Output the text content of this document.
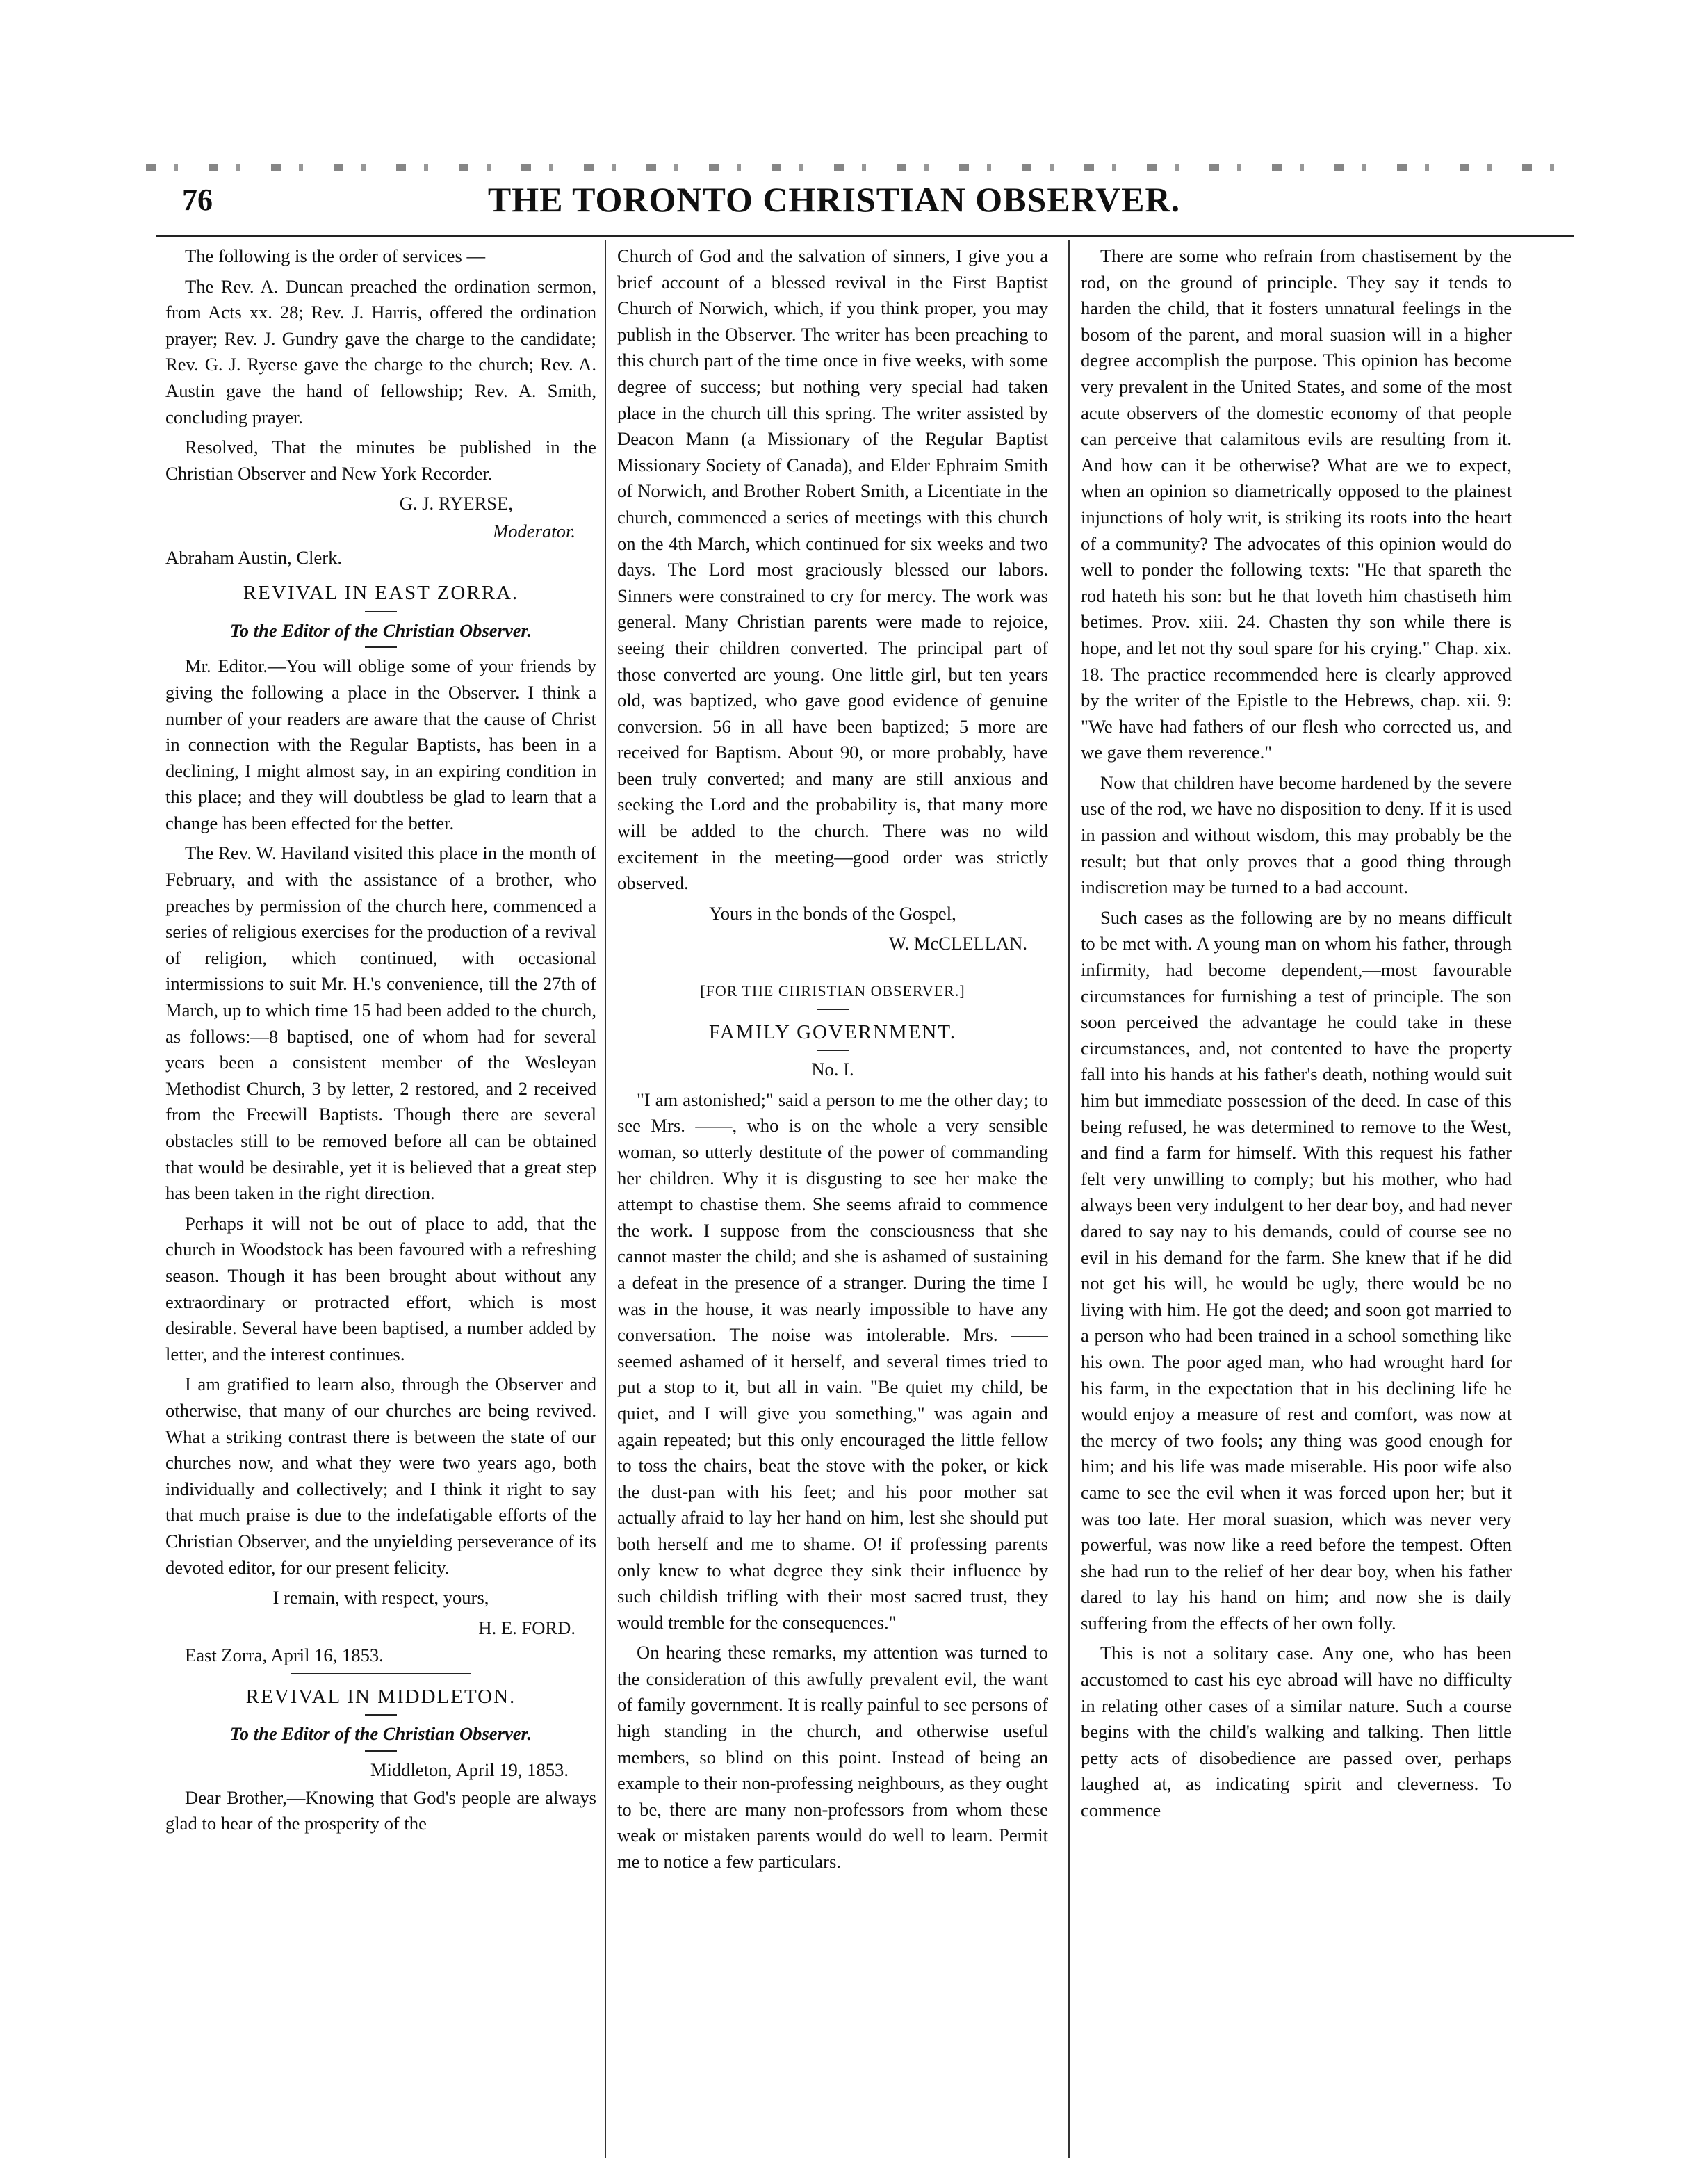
76	THE TORONTO CHRISTIAN OBSERVER.

The following is the order of services —

The Rev. A. Duncan preached the ordination sermon, from Acts xx. 28; Rev. J. Harris, offered the ordination prayer; Rev. J. Gundry gave the charge to the candidate; Rev. G. J. Ryerse gave the charge to the church; Rev. A. Austin gave the hand of fellowship; Rev. A. Smith, concluding prayer.

Resolved, That the minutes be published in the Christian Observer and New York Recorder.

G. J. RYERSE,

Moderator.

Abraham Austin, Clerk.

REVIVAL IN EAST ZORRA.

To the Editor of the Christian Observer.

Mr. Editor.—You will oblige some of your friends by giving the following a place in the Observer. I think a number of your readers are aware that the cause of Christ in connection with the Regular Baptists, has been in a declining, I might almost say, in an expiring condition in this place; and they will doubtless be glad to learn that a change has been effected for the better.

The Rev. W. Haviland visited this place in the month of February, and with the assistance of a brother, who preaches by permission of the church here, commenced a series of religious exercises for the production of a revival of religion, which continued, with occasional intermissions to suit Mr. H.'s convenience, till the 27th of March, up to which time 15 had been added to the church, as follows:—8 baptised, one of whom had for several years been a consistent member of the Wesleyan Methodist Church, 3 by letter, 2 restored, and 2 received from the Freewill Baptists. Though there are several obstacles still to be removed before all can be obtained that would be desirable, yet it is believed that a great step has been taken in the right direction.

Perhaps it will not be out of place to add, that the church in Woodstock has been favoured with a refreshing season. Though it has been brought about without any extraordinary or protracted effort, which is most desirable. Several have been baptised, a number added by letter, and the interest continues.

I am gratified to learn also, through the Observer and otherwise, that many of our churches are being revived. What a striking contrast there is between the state of our churches now, and what they were two years ago, both individually and collectively; and I think it right to say that much praise is due to the indefatigable efforts of the Christian Observer, and the unyielding perseverance of its devoted editor, for our present felicity.

I remain, with respect, yours,

H. E. FORD.

East Zorra, April 16, 1853.

REVIVAL IN MIDDLETON.

To the Editor of the Christian Observer.

Middleton, April 19, 1853.

Dear Brother,—Knowing that God's people are always glad to hear of the prosperity of the

Church of God and the salvation of sinners, I give you a brief account of a blessed revival in the First Baptist Church of Norwich, which, if you think proper, you may publish in the Observer. The writer has been preaching to this church part of the time once in five weeks, with some degree of success; but nothing very special had taken place in the church till this spring. The writer assisted by Deacon Mann (a Missionary of the Regular Baptist Missionary Society of Canada), and Elder Ephraim Smith of Norwich, and Brother Robert Smith, a Licentiate in the church, commenced a series of meetings with this church on the 4th March, which continued for six weeks and two days. The Lord most graciously blessed our labors. Sinners were constrained to cry for mercy. The work was general. Many Christian parents were made to rejoice, seeing their children converted. The principal part of those converted are young. One little girl, but ten years old, was baptized, who gave good evidence of genuine conversion. 56 in all have been baptized; 5 more are received for Baptism. About 90, or more probably, have been truly converted; and many are still anxious and seeking the Lord and the probability is, that many more will be added to the church. There was no wild excitement in the meeting—good order was strictly observed.

Yours in the bonds of the Gospel,

W. McCLELLAN.

[FOR THE CHRISTIAN OBSERVER.]

FAMILY GOVERNMENT.

No. I.

"I am astonished;" said a person to me the other day; to see Mrs. ——, who is on the whole a very sensible woman, so utterly destitute of the power of commanding her children. Why it is disgusting to see her make the attempt to chastise them. She seems afraid to commence the work. I suppose from the consciousness that she cannot master the child; and she is ashamed of sustaining a defeat in the presence of a stranger. During the time I was in the house, it was nearly impossible to have any conversation. The noise was intolerable. Mrs. —— seemed ashamed of it herself, and several times tried to put a stop to it, but all in vain. "Be quiet my child, be quiet, and I will give you something," was again and again repeated; but this only encouraged the little fellow to toss the chairs, beat the stove with the poker, or kick the dust-pan with his feet; and his poor mother sat actually afraid to lay her hand on him, lest she should put both herself and me to shame. O! if professing parents only knew to what degree they sink their influence by such childish trifling with their most sacred trust, they would tremble for the consequences."

On hearing these remarks, my attention was turned to the consideration of this awfully prevalent evil, the want of family government. It is really painful to see persons of high standing in the church, and otherwise useful members, so blind on this point. Instead of being an example to their non-professing neighbours, as they ought to be, there are many non-professors from whom these weak or mistaken parents would do well to learn. Permit me to notice a few particulars.

There are some who refrain from chastisement by the rod, on the ground of principle. They say it tends to harden the child, that it fosters unnatural feelings in the bosom of the parent, and moral suasion will in a higher degree accomplish the purpose. This opinion has become very prevalent in the United States, and some of the most acute observers of the domestic economy of that people can perceive that calamitous evils are resulting from it. And how can it be otherwise? What are we to expect, when an opinion so diametrically opposed to the plainest injunctions of holy writ, is striking its roots into the heart of a community? The advocates of this opinion would do well to ponder the following texts: "He that spareth the rod hateth his son: but he that loveth him chastiseth him betimes. Prov. xiii. 24. Chasten thy son while there is hope, and let not thy soul spare for his crying." Chap. xix. 18. The practice recommended here is clearly approved by the writer of the Epistle to the Hebrews, chap. xii. 9: "We have had fathers of our flesh who corrected us, and we gave them reverence."

Now that children have become hardened by the severe use of the rod, we have no disposition to deny. If it is used in passion and without wisdom, this may probably be the result; but that only proves that a good thing through indiscretion may be turned to a bad account.

Such cases as the following are by no means difficult to be met with. A young man on whom his father, through infirmity, had become dependent,—most favourable circumstances for furnishing a test of principle. The son soon perceived the advantage he could take in these circumstances, and, not contented to have the property fall into his hands at his father's death, nothing would suit him but immediate possession of the deed. In case of this being refused, he was determined to remove to the West, and find a farm for himself. With this request his father felt very unwilling to comply; but his mother, who had always been very indulgent to her dear boy, and had never dared to say nay to his demands, could of course see no evil in his demand for the farm. She knew that if he did not get his will, he would be ugly, there would be no living with him. He got the deed; and soon got married to a person who had been trained in a school something like his own. The poor aged man, who had wrought hard for his farm, in the expectation that in his declining life he would enjoy a measure of rest and comfort, was now at the mercy of two fools; any thing was good enough for him; and his life was made miserable. His poor wife also came to see the evil when it was forced upon her; but it was too late. Her moral suasion, which was never very powerful, was now like a reed before the tempest. Often she had run to the relief of her dear boy, when his father dared to lay his hand on him; and now she is daily suffering from the effects of her own folly.

This is not a solitary case. Any one, who has been accustomed to cast his eye abroad will have no difficulty in relating other cases of a similar nature. Such a course begins with the child's walking and talking. Then little petty acts of disobedience are passed over, perhaps laughed at, as indicating spirit and cleverness. To commence
